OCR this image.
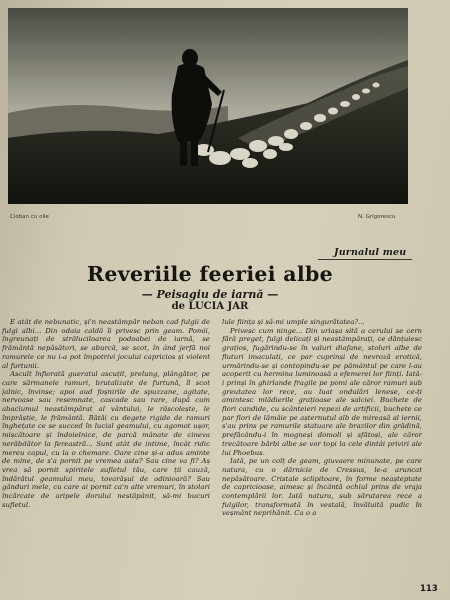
Cioban cu oile	N. Grigorescu
Jurnalul meu
Reveriile feeriei albe
— Peisagiu de iarnă —
de LUCIA JAR

E atât de nebunatic, și'n neastâmpăr neban cad fulgii de fulgi albi... Din odaia caldă îi privesc prin geam. Pomii, îngreunați de străluciloarea podoabei de iarnă, se frământă nepăsători, se aburcă, se scot, în ând jerfă noi ramurele ce nu i-a pot împotrivi jocului capricios și violent al furtunii.

Ascult înfiorată gueratul ascuțit, prelung, plângător, pe care sărmanele ramuri, brutalizate de furtună, îl scot jalnic, învinse; apoi aud foșnirile de spuzzane, agitate, nervoase sau resemnate, cascade sau rare, după cum abaciumul neastâmpărat al vântului, le răscolește, le împrăștie, le frământă. Bătăi cu degete rigide de ramuri înghețate ce se succed în lucial geamului, cu agomot ușor, mișcătoare și îndoielnice, de parcă mânate de cineva nerăbdător la fereastră... Sunt atât de intime, încât ridic mereu capul, cu la o chemare. Oare cine și-a adus aminte de mine, de s'a pornit pe vremea asta? Sau cine va fi? Aș vrea să pornit spiritele sufletul tău, care ții cauză, îndărătul geamului meu, tovarășul de odinioară? Sau gânduri mele, cu care ai pornit ca'n alte vremuri, în stolari încărcate de aripele dorului nestăpânit, să-mi bucuri sufletul.

lule ființa și să-mi umple singurătatea?...

Privesc cum ninge... Din uriașa sită a cerului se cern fără preget, fulgi delicați și neastâmpărați, ce dănțuiesc grațios, fugărindu-se în valuri diafane, stoluri albe de fluturi imaculați, ce par cuprinși de nevroză erotică, urmărindu-se și contopindu-se pe pământul pe care l-au acoperit cu hermina luminoasă a efemerei lor ființi. Iată-i prinși în ghirlande fragile pe pomi ale căror ramuri sub greutatea lor rece, au luat ondulări lenese, ce-ți amintesc mlădierile grațioase ale salciei. Buchete de flori candide, cu scânteieri repezi de artificii, buchete ce par flori de lămâie pe așternutul alb de mireasă al iernii, s'au prins pe ramurile statuare ale brazilor din grădină, prefăcându-i în mogneși domoli și sfătoși, ale căror trecătoare bărbi albe se vor topi la cele dintâi priviri ale lui Phoebus.

Iată, pe un colț de geam, giuvaere minunate, pe care natura, cu o dărnicie de Cressus, le-a aruncat nepăsătoare. Cristale sclipitoare, în forme neașteptate de capricioase, aimesc și încântă ochiul prins de vraja contemplării lor. Iată natura, sub sărutarea rece a fulgilor, transformată în vestală, învăluită pudic în veșmânt neprihănit. Ca o a

113
